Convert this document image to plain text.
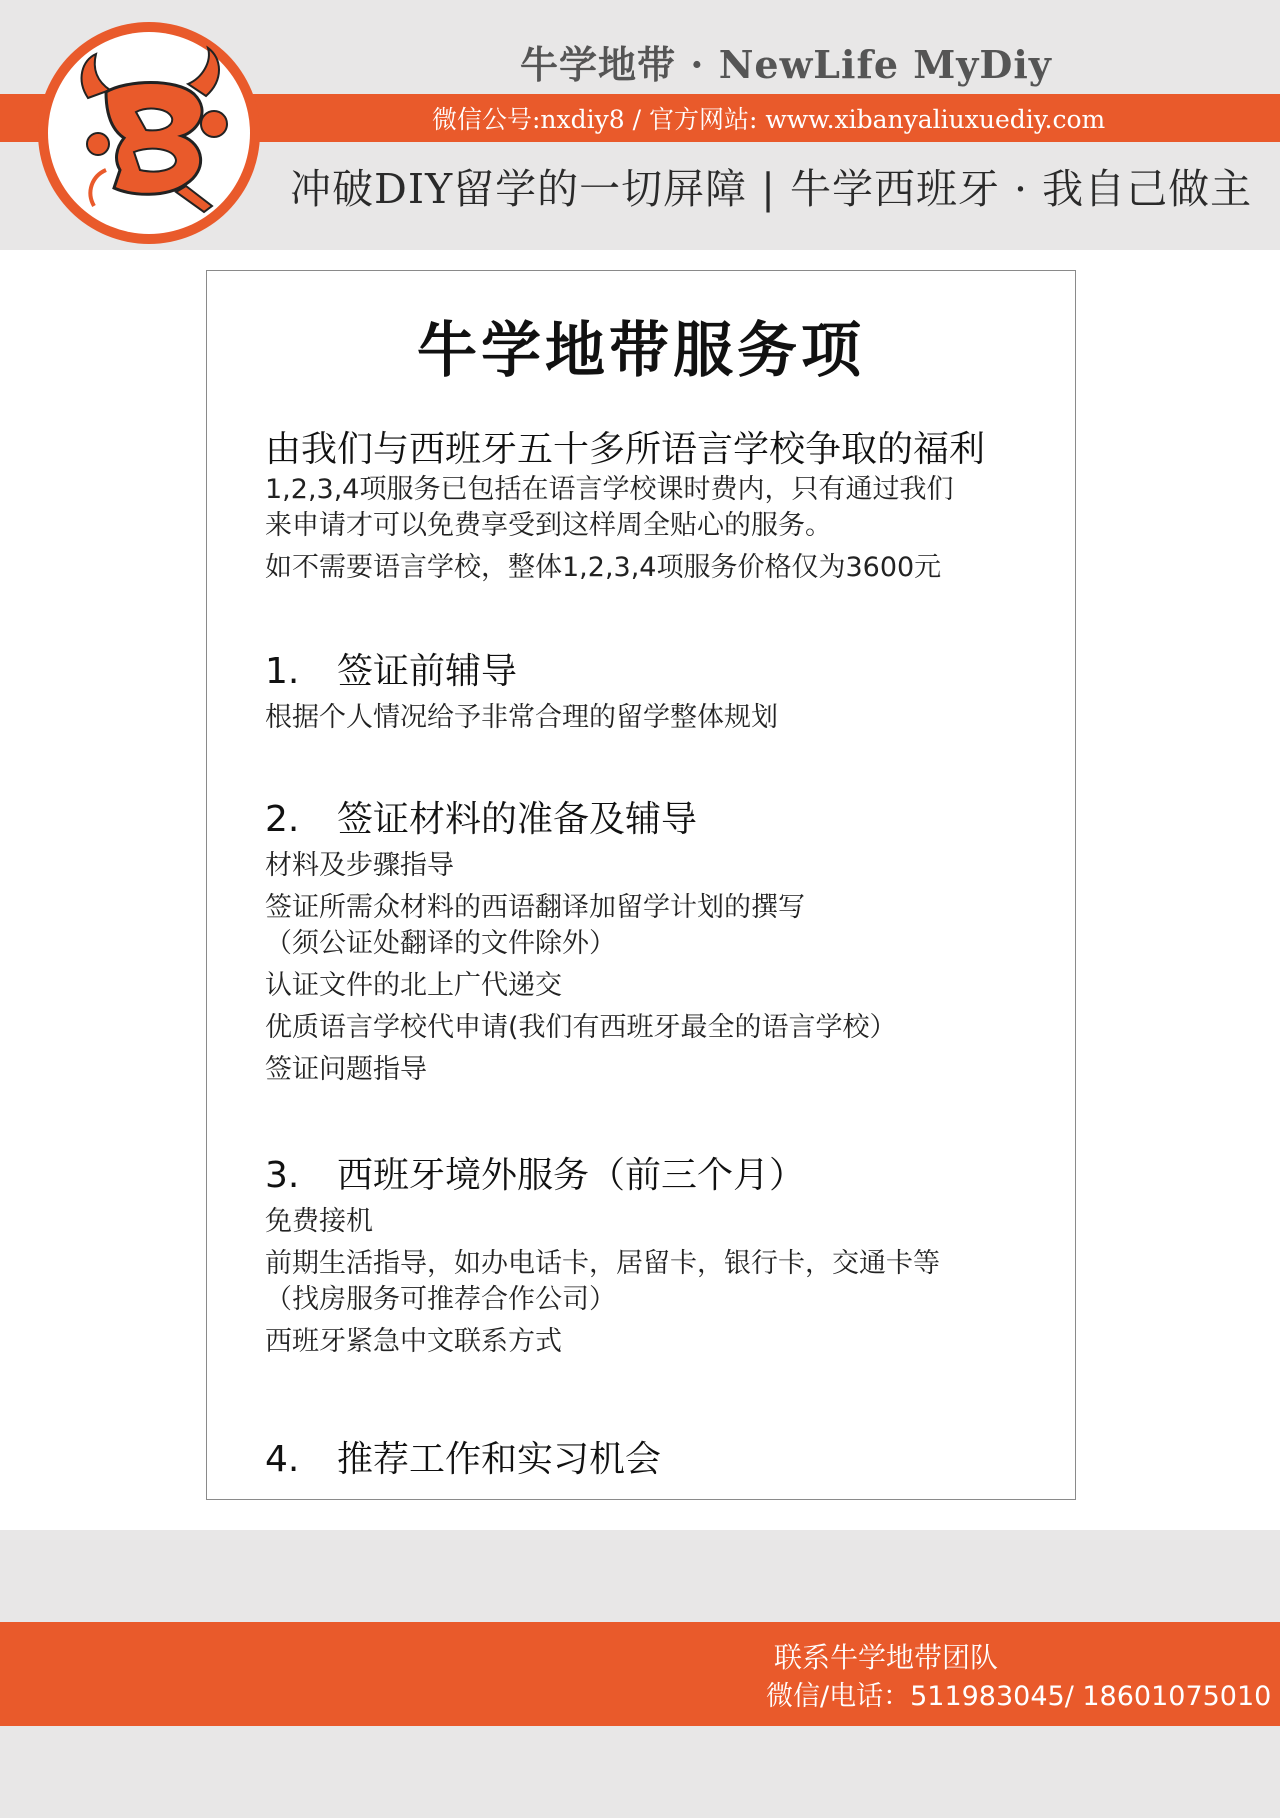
牛学地带 · NewLife MyDiy
微信公号:nxdiy8 / 官方网站: www.xibanyaliuxuediy.com
冲破DIY留学的一切屏障 | 牛学西班牙 · 我自己做主
牛学地带服务项
由我们与西班牙五十多所语言学校争取的福利
1,2,3,4项服务已包括在语言学校课时费内，只有通过我们
来申请才可以免费享受到这样周全贴心的服务。
如不需要语言学校，整体1,2,3,4项服务价格仅为3600元
1. 签证前辅导
根据个人情况给予非常合理的留学整体规划
2. 签证材料的准备及辅导
材料及步骤指导
签证所需众材料的西语翻译加留学计划的撰写
（须公证处翻译的文件除外）
认证文件的北上广代递交
优质语言学校代申请(我们有西班牙最全的语言学校）
签证问题指导
3. 西班牙境外服务（前三个月）
免费接机
前期生活指导，如办电话卡，居留卡，银行卡，交通卡等
（找房服务可推荐合作公司）
西班牙紧急中文联系方式
4. 推荐工作和实习机会
联系牛学地带团队
微信/电话：511983045/ 18601075010
